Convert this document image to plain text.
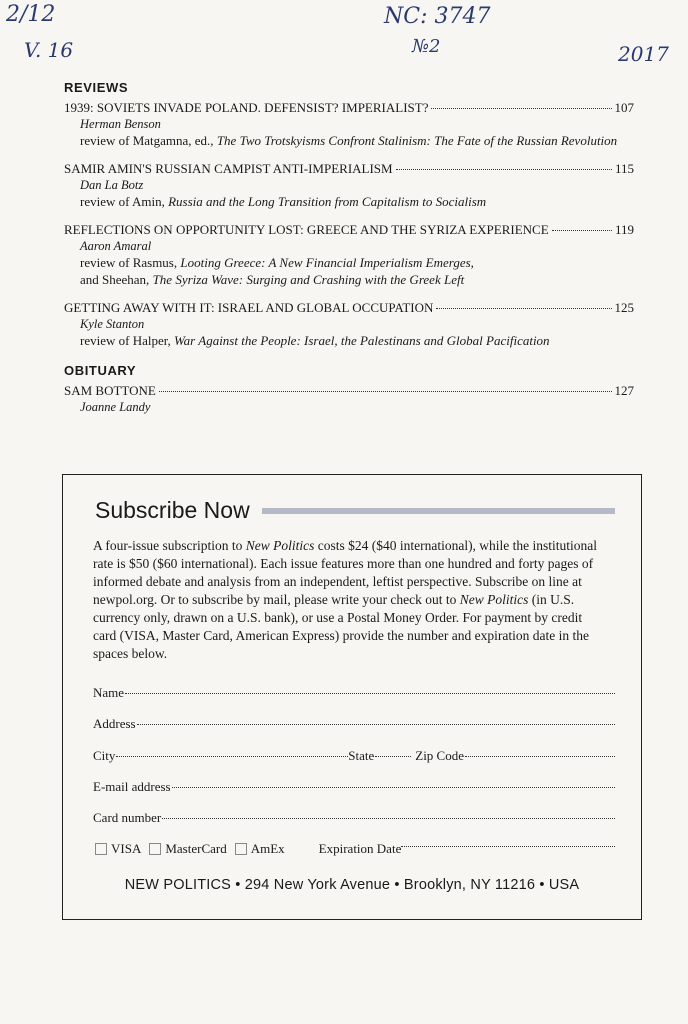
2/12
V. 16
NC: 3747
№2	2017
REVIEWS
1939: SOVIETS INVADE POLAND. DEFENSIST? IMPERIALIST?	107
Herman Benson
review of Matgamna, ed., The Two Trotskyisms Confront Stalinism: The Fate of the Russian Revolution
SAMIR AMIN'S RUSSIAN CAMPIST ANTI-IMPERIALISM	115
Dan La Botz
review of Amin, Russia and the Long Transition from Capitalism to Socialism
REFLECTIONS ON OPPORTUNITY LOST: GREECE AND THE SYRIZA EXPERIENCE	119
Aaron Amaral
review of Rasmus, Looting Greece: A New Financial Imperialism Emerges,
and Sheehan, The Syriza Wave: Surging and Crashing with the Greek Left
GETTING AWAY WITH IT: ISRAEL AND GLOBAL OCCUPATION	125
Kyle Stanton
review of Halper, War Against the People: Israel, the Palestinans and Global Pacification
OBITUARY
SAM BOTTONE	127
Joanne Landy
Subscribe Now
A four-issue subscription to New Politics costs $24 ($40 international), while the institutional rate is $50 ($60 international). Each issue features more than one hundred and forty pages of informed debate and analysis from an independent, leftist perspective. Subscribe on line at newpol.org. Or to subscribe by mail, please write your check out to New Politics (in U.S. currency only, drawn on a U.S. bank), or use a Postal Money Order. For payment by credit card (VISA, Master Card, American Express) provide the number and expiration date in the spaces below.
Name
Address
City	State	Zip Code
E-mail address
Card number
VISA MasterCard AmEx	Expiration Date
NEW POLITICS • 294 New York Avenue • Brooklyn, NY 11216 • USA
